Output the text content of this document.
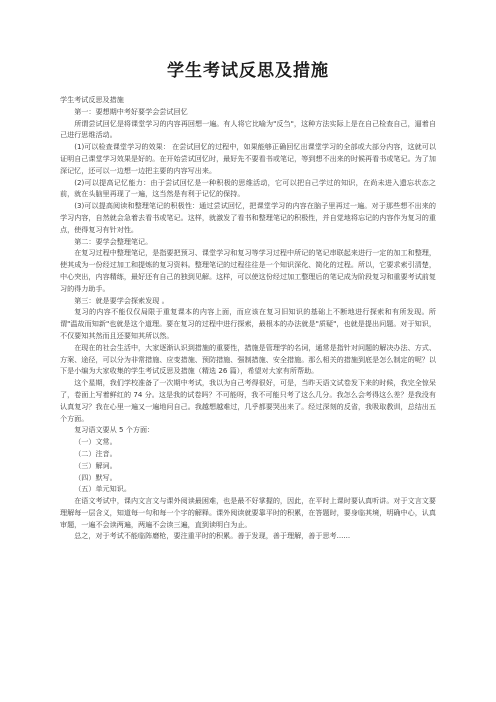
学生考试反思及措施

学生考试反思及措施

第一：要想期中考好要学会尝试回忆

所谓尝试回忆是将课堂学习的内容再回想一遍。有人将它比喻为"反刍"，这种方法实际上是在自己检查自己，逼着自己进行思维活动。

(1)可以检查课堂学习的效果： 在尝试回忆的过程中，如果能够正确回忆出课堂学习的全部或大部分内容，这就可以证明自己课堂学习效果是好的。在开始尝试回忆时，最好先不要看书或笔记，等到想不出来的时候再看书或笔记。为了加深记忆，还可以一边想一边把主要的内容写出来。

(2)可以提高记忆能力：由于尝试回忆是一种积极的思维活动，它可以把自己学过的知识，在尚未进入遗忘状态之前，就在头脑里再现了一遍，这当然是有利于记忆的保持。

(3)可以提高阅读和整理笔记的积极性：通过尝试回忆，把课堂学习的内容在脑子里再过一遍。对于那些想不出来的学习内容，自然就会急着去看书或笔记。这样，就激发了看书和整理笔记的积极性，并自觉地将忘记的内容作为复习的重点，使得复习有针对性。

第二：要学会整理笔记。

在复习过程中整理笔记，是指要把预习、课堂学习和复习等学习过程中所记的笔记串联起来进行一定的加工和整理，使其成为一份经过加工和提炼的复习资料。整理笔记的过程往往是一个知识深化、简化的过程。所以，它要求索引清楚，中心突出，内容精练，最好还有自己的独到见解。这样，可以使这份经过加工整理后的笔记成为阶段复习和重要考试前复习的得力助手。

第三：就是要学会探索发现 。

复习的内容不能仅仅局限于重复课本的内容上面，而应该在复习旧知识的基础上不断地进行探索和有所发现。所谓"温故而知新"也就是这个道理。要在复习的过程中进行探索，最根本的办法就是"质疑"，也就是提出问题。对于知识，不仅要知其然而且还要知其所以然。

在现在的社会生活中，大家逐渐认识到措施的重要性，措施是管理学的名词，通常是指针对问题的解决办法、方式、方案、途径，可以分为非常措施、应变措施、预防措施、强制措施、安全措施。那么相关的措施到底是怎么制定的呢？以下是小编为大家收集的学生考试反思及措施（精选 26 篇），希望对大家有所帮助。

这个星期，我们学校准备了一次期中考试，我以为自己考得很好，可是，当昨天语文试卷发下来的时候，我完全惊呆了，卷面上写着鲜红的 74 分。这是我的试卷吗？不可能呀，我不可能只考了这么几分。我怎么会考得这么差？是我没有认真复习？我在心里一遍又一遍地问自己。我越想越难过，几乎都要哭出来了。经过深刻的反省，我吸取教训，总结出五个方面。

复习语文要从 5 个方面：

（一）文常。

（二）注音。

（三）解词。

（四）默写。

（五）单元知识。

在语文考试中，课内文言文与课外阅读最困难，也是最不好掌握的，因此，在平时上课时要认真听讲。对于文言文要理解每一层含义，知道每一句和每一个字的解释。课外阅读就要靠平时的积累，在答题时，要身临其境，明确中心，认真审题，一遍不会读两遍，两遍不会读三遍，直到读明白为止。

总之，对于考试不能临阵磨枪，要注重平时的积累。善于发现，善于理解，善于思考......
